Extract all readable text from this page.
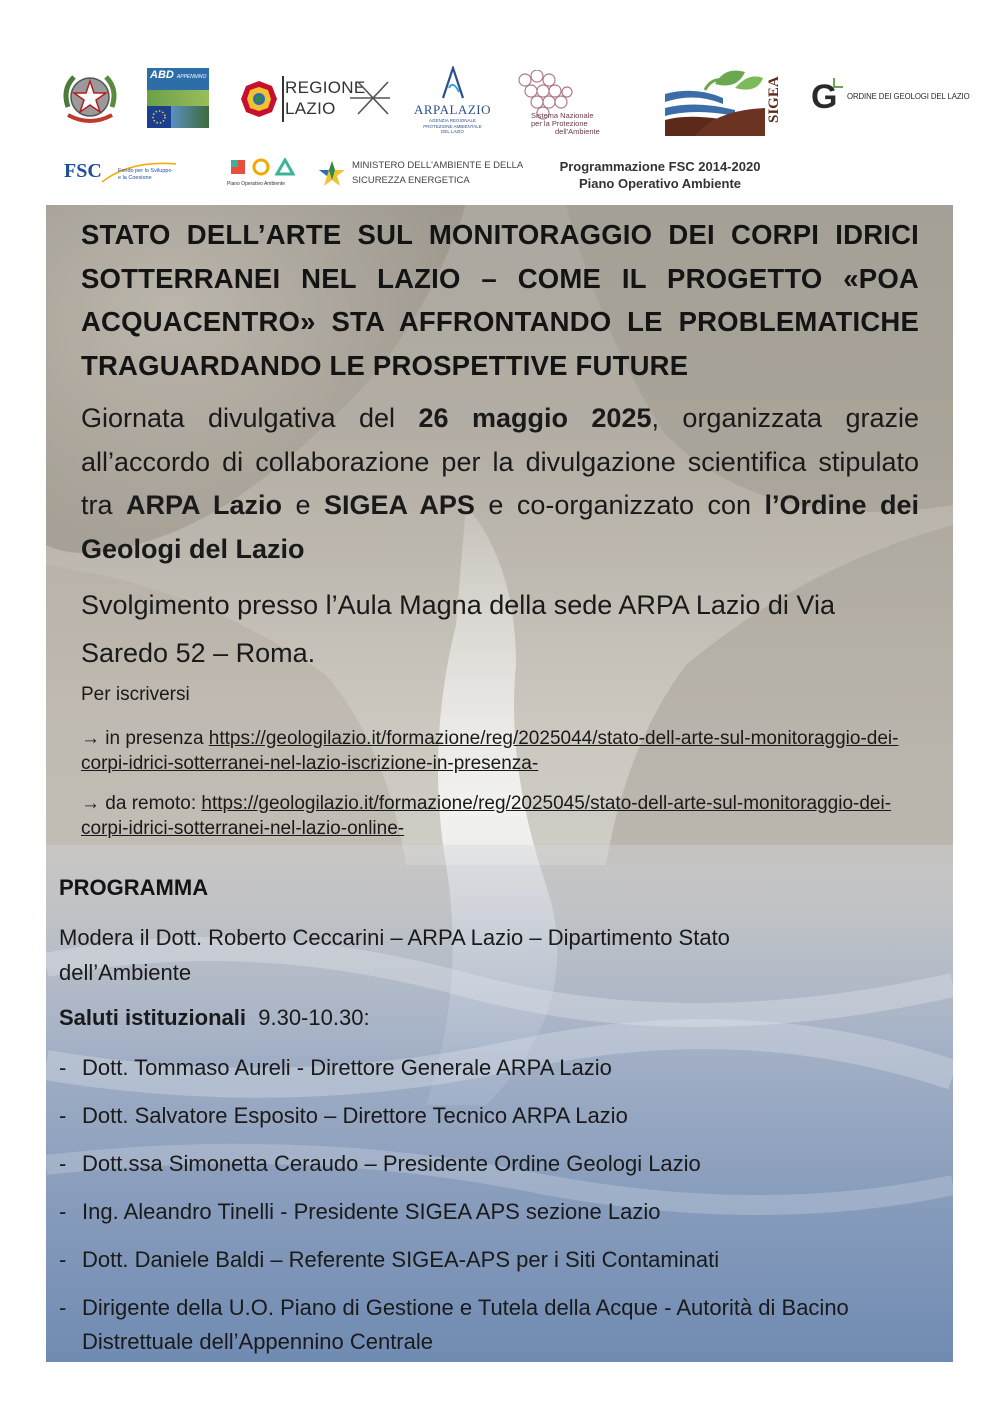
ABD APPENNINO
REGIONE
LAZIO	ARPALAZIO
AGENZIA REGIONALE
PROTEZIONE AMBIENTALE
DEL LAZIO
Sistema Nazionale
per la Protezione
dell'Ambiente
SIGEA G	ORDINE DEI GEOLOGI DEL LAZIO
FSC	Fondo per lo Sviluppo
e la Coesione
Piano Operativo Ambiente
MINISTERO DELL'AMBIENTE E DELLA
SICUREZZA ENERGETICA
Programmazione FSC 2014-2020
Piano Operativo Ambiente
STATO DELL’ARTE SUL MONITORAGGIO DEI CORPI IDRICI SOTTERRANEI NEL LAZIO – COME IL PROGETTO «POA ACQUACENTRO» STA AFFRONTANDO LE PROBLEMATICHE TRAGUARDANDO LE PROSPETTIVE FUTURE
Giornata divulgativa del 26 maggio 2025, organizzata grazie all’accordo di collaborazione per la divulgazione scientifica stipulato tra ARPA Lazio e SIGEA APS e co-organizzato con l’Ordine dei Geologi del Lazio
Svolgimento presso l’Aula Magna della sede ARPA Lazio di Via Saredo 52 – Roma.
Per iscriversi
→ in presenza https://geologilazio.it/formazione/reg/2025044/stato-dell-arte-sul-monitoraggio-dei-corpi-idrici-sotterranei-nel-lazio-iscrizione-in-presenza-
→ da remoto: https://geologilazio.it/formazione/reg/2025045/stato-dell-arte-sul-monitoraggio-dei-corpi-idrici-sotterranei-nel-lazio-online-
PROGRAMMA
Modera il Dott. Roberto Ceccarini – ARPA Lazio – Dipartimento Stato dell’Ambiente
Saluti istituzionali  9.30-10.30:
- Dott. Tommaso Aureli - Direttore Generale ARPA Lazio
- Dott. Salvatore Esposito – Direttore Tecnico ARPA Lazio
- Dott.ssa Simonetta Ceraudo – Presidente Ordine Geologi Lazio
- Ing. Aleandro Tinelli - Presidente SIGEA APS sezione Lazio
- Dott. Daniele Baldi – Referente SIGEA-APS per i Siti Contaminati
- Dirigente della U.O. Piano di Gestione e Tutela della Acque - Autorità di Bacino Distrettuale dell’Appennino Centrale
